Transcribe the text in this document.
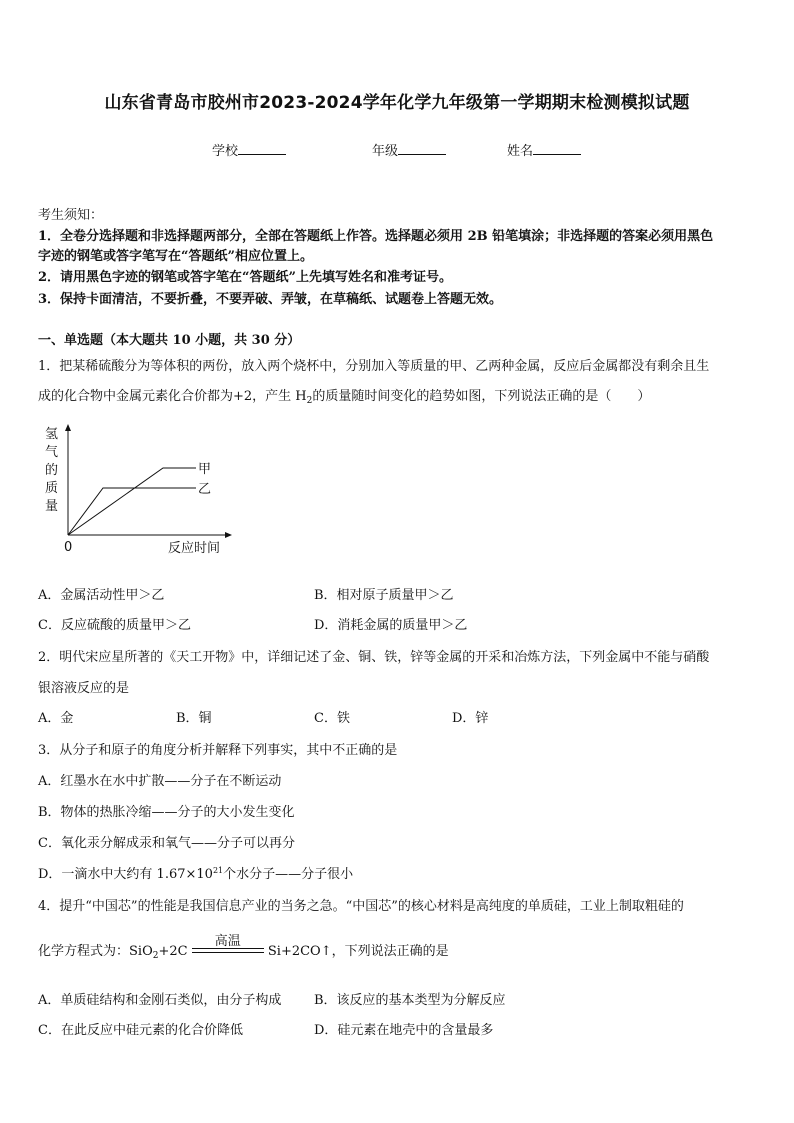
山东省青岛市胶州市2023-2024学年化学九年级第一学期期末检测模拟试题
学校	年级	姓名
考生须知：
1．全卷分选择题和非选择题两部分，全部在答题纸上作答。选择题必须用 2B 铅笔填涂；非选择题的答案必须用黑色
字迹的钢笔或答字笔写在“答题纸”相应位置上。
2．请用黑色字迹的钢笔或答字笔在“答题纸”上先填写姓名和准考证号。
3．保持卡面清洁，不要折叠，不要弄破、弄皱，在草稿纸、试题卷上答题无效。
一、单选题（本大题共 10 小题，共 30 分）
1．把某稀硫酸分为等体积的两份，放入两个烧杯中，分别加入等质量的甲、乙两种金属，反应后金属都没有剩余且生
成的化合物中金属元素化合价都为+2，产生 $H_2$的质量随时间变化的趋势如图，下列说法正确的是（　　）
氢
气
的
质
量
0	反应时间
甲
乙
A．金属活动性甲＞乙	B．相对原子质量甲＞乙
C．反应硫酸的质量甲＞乙	D．消耗金属的质量甲＞乙
2．明代宋应星所著的《天工开物》中，详细记述了金、铜、铁，锌等金属的开采和冶炼方法，下列金属中不能与硝酸
银溶液反应的是
A．金	B．铜	C．铁	D．锌
3．从分子和原子的角度分析并解释下列事实，其中不正确的是
A．红墨水在水中扩散——分子在不断运动
B．物体的热胀冷缩——分子的大小发生变化
C．氧化汞分解成汞和氧气——分子可以再分
D．一滴水中大约有 $1.67\times 10^{21}$个水分子——分子很小
4．提升“中国芯”的性能是我国信息产业的当务之急。“中国芯”的核心材料是高纯度的单质硅，工业上制取粗硅的
化学方程式为：SiO$_2$+2C
高温
Si+2CO↑，下列说法正确的是
A．单质硅结构和金刚石类似，由分子构成	B．该反应的基本类型为分解反应
C．在此反应中硅元素的化合价降低	D．硅元素在地壳中的含量最多
